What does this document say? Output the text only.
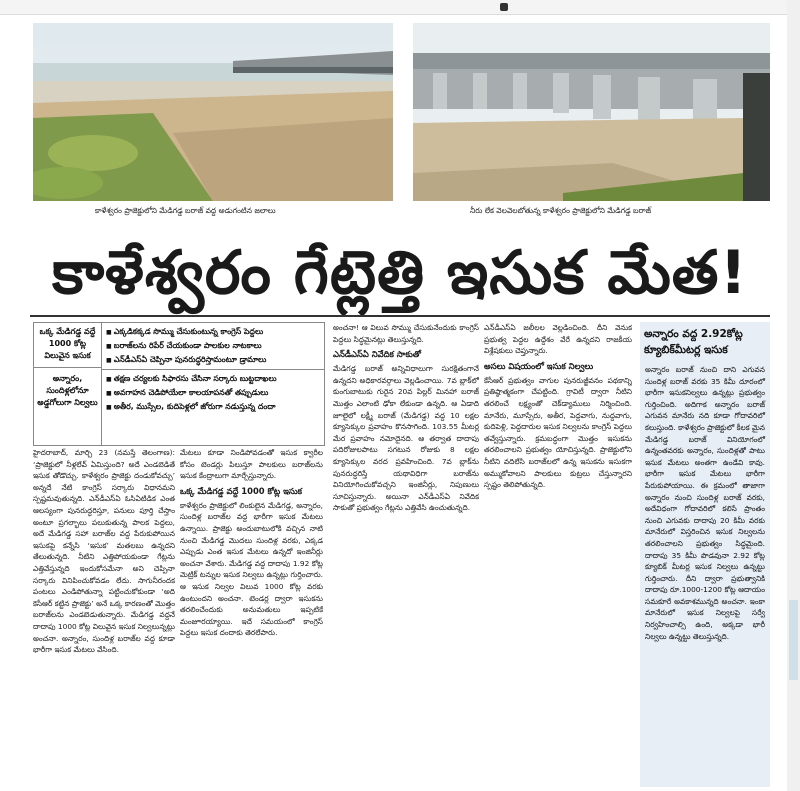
కాళేశ్వరం ప్రాజెక్టులోని మేడిగడ్డ బరాజ్ వద్ద అడుగంటిన జలాలు	నీరు లేక వెలవెలబోతున్న కాళేశ్వరం ప్రాజెక్టులోని మేడిగడ్డ బరాజ్
కాళేశ్వరం గేట్లెత్తి ఇసుక మేత!
ఒక్క మేడిగడ్డ వద్దే 1000 కోట్ల విలువైన ఇసుక
అన్నారం, సుందిళ్లలోనూ అడ్డగోలుగా నిల్వలు
■ ఎక్కడికక్కడ సొమ్ము చేసుకుంటున్న కాంగ్రెస్ పెద్దలు
■ బరాజ్‌లను రిపేర్ చేయకుండా పాలకుల నాటకాలు
■ ఎన్‌డీఎస్‌ఏ చెప్పినా పునరుద్ధరిస్తామంటూ డ్రామాలు
■ తక్షణ చర్యలకు సిఫారసు చేసినా సర్కారు బుట్టదాఖలు
■ అవగాహన చెడిపోయేలా కాలయాపనతో తప్పుడులు
■ అతీర, ముస్సేల, కుదిపెళ్లలో జోరుగా నడుస్తున్న దందా

హైదరాబాద్, మార్చి 23 (నమస్తే తెలంగాణ): ‘ప్రాజెక్టులో నీళ్లలేవ్ ఏమిస్తుంది? అదే ఎండబెడితే ఇసుక తోడొచ్చు. కాళేశ్వరం ప్రాజెక్టు దండుకోవచ్చు’ అన్నదే నేటి కాంగ్రెస్ సర్కారు విధానమని స్పష్టమవుతున్నది. ఎన్‌డీఎస్‌ఏ ఓసిఏటిడిక ఎంత ఆలస్యంగా పునరుద్ధరిస్తూ, పనులు పూర్తి చేస్తాం అంటూ ప్రగల్భాలు పలుకుతున్న పాలక పెద్దలు, అదే మేడిగడ్డ సహా బరాజ్‌ల వద్ద పేరుకుపోయిన ఇసుకపై కన్నేసి ‘ఇసుక’ మతలబు ఉన్నదని తేలుతున్నది. నీటిని ఎత్తిపోయకుండా గేట్లను ఎత్తివేస్తున్నది ఇందుకోసమేనా అని చెప్పినా సర్కారు వినిపించుకోవడం లేదు. సాగునీరందక పంటలు ఎండిపోతున్నా పట్టించుకోకుండా ‘అది కెసీఆర్ కట్టిన ప్రాజెక్టు’ అనే ఒక్క కారణంతో మొత్తం బరాజ్‌లను ఎండబెడుతున్నారు. మేడిగడ్డ వద్దనే దాదాపు 1000 కోట్ల విలువైన ఇసుక నిల్వలున్నట్లు అంచనా. అన్నారం, సుందిళ్ల బరాజ్‌ల వద్ద కూడా భారీగా ఇసుక మేటలు వేసింది.

మేటలు కూడా నిండిపోవడంతో ఇసుక క్వారీల కోసం టెండర్లు పిలుస్తూ పాలకులు బరాజ్‌లను ఇసుక కేంద్రాలుగా మార్చేస్తున్నారు.

ఒక్క మేడిగడ్డ వద్దే 1000 కోట్ల ఇసుక

కాళేశ్వరం ప్రాజెక్టులో లింకులైన మేడిగడ్డ, అన్నారం, సుందిళ్ల బరాజ్‌ల వద్ద భారీగా ఇసుక మేటలు ఉన్నాయి. ప్రాజెక్టు అందుబాటులోకి వచ్చిన నాటి నుంచి మేడిగడ్డ మొదలు సుందిళ్ల వరకు, ఎక్కడ ఎప్పుడు ఎంత ఇసుక మేటలు ఉన్నదో ఇంజినీర్లు అంచనా వేశారు. మేడిగడ్డ వద్ద దాదాపు 1.92 కోట్ల మెట్రిక్ టన్నుల ఇసుక నిల్వలు ఉన్నట్లు గుర్తించారు. ఆ ఇసుక నిల్వల విలువ 1000 కోట్ల వరకు ఉంటుందని అంచనా. టెండర్ల ద్వారా ఇసుకను తరలించేందుకు అనుమతులు ఇప్పటికే మంజూరయ్యాయి. ఇదే సమయంలో కాంగ్రెస్ పెద్దలు ఇసుక దందాకు తెరలేపారు.

అంచనా! ఆ విలువ సొమ్ము చేసుకునేందుకు కాంగ్రెస్ పెద్దలు సిద్ధమైనట్లు తెలుస్తున్నది.

ఎన్‌డీఎస్‌ఏ నివేదిక సాకుతో

మేడిగడ్డ బరాజ్ అన్నివిధాలుగా సురక్షితంగానే ఉన్నదని అధికారవర్గాలు వెల్లడించాయి. 7వ బ్లాక్‌లో కుంగుబాటుకు గురైన 20వ పిల్లర్ మినహా బరాజ్ మొత్తం ఎలాంటి ఢోకా లేకుండా ఉన్నది. ఆ ఏడాది జూలైలో లక్ష్మీ బరాజ్ (మేడిగడ్డ) వద్ద 10 లక్షల క్యూసెక్కుల ప్రవాహం కొనసాగింది. 103.55 మీటర్ల మేర ప్రవాహం నమోదైనది. ఆ తర్వాత దాదాపు పదిరోజులపాటు సగటున రోజుకు 8 లక్షల క్యూసెక్కుల వరద ప్రవహించింది. 7వ బ్లాక్‌ను పునరుద్ధరిస్తే యథావిధిగా బరాజ్‌ను వినియోగించుకోవచ్చని ఇంజినీర్లు, నిపుణులు సూచిస్తున్నారు. అయినా ఎన్‌డీఎస్‌ఏ నివేదిక సాకుతో ప్రభుత్వం గేట్లను ఎత్తివేసి ఉంచుతున్నది.

ఎన్‌డీఎస్‌ఏ జలీలల వెల్లడించింది. దీని వెనుక ప్రభుత్వ పెద్దల ఉద్దేశం వేరే ఉన్నదని రాజకీయ విశ్లేషకులు చెప్తున్నారు.

అసలు విషయంలో ఇసుక నిల్వలు

కేసీఆర్ ప్రభుత్వం వాగుల పునరుజ్జీవనం పథకాన్ని ప్రతిష్ఠాత్మకంగా చేపట్టింది. గ్రావిటీ ద్వారా నీటిని తరలించే లక్ష్యంతో చెక్‌డ్యాములు నిర్మించింది. మానేరు, మూస్సేరు, అతీర, పెద్దవాగు, నుద్దవాగు, కుదిపెళ్లి, పెద్దదారుల ఇసుక నిల్వలను కాంగ్రెస్ పెద్దలు తవ్వేస్తున్నారు. క్రమబద్ధంగా మొత్తం ఇసుకను తరలించాలని ప్రభుత్వం యోచిస్తున్నది. ప్రాజెక్టులోని నీటిని వదిలేసి బరాజ్‌లలో ఉన్న ఇసుకను ఇసుకగా అమ్ముకోవాలని పాలకులు కుట్రలు చేస్తున్నారని స్పష్టం తెలిపోతున్నది.

అన్నారం వద్ద 2.92కోట్ల క్యూబిక్‌మీటర్ల ఇసుక
అన్నారం బరాజ్ నుంచి దాని ఎగువన సుందిళ్ల బరాజ్ వరకు 35 కిమీ దూరంలో భారీగా ఇసుకనిల్వలు ఉన్నట్లు ప్రభుత్వం గుర్తించింది. అదిగాక అన్నారం బరాజ్ ఎగువన మానేరు నది కూడా గోదావరిలో కలుస్తుంది. కాళేశ్వరం ప్రాజెక్టులో కీలక మైన మేడిగడ్డ బరాజ్ వినియోగంలో ఉన్నంతవరకు అన్నారం, సుందిళ్లతో పాటు ఇసుక మేటలు అంతగా ఉండేవి కావు. భారీగా ఇసుక మేటలు భారీగా పేరుకుపోయాయి. ఈ క్రమంలో తాజాగా అన్నారం నుంచి సుందిళ్ల బరాజ్ వరకు, అదేవిధంగా గోదావరిలో కలిసే ప్రాంతం నుంచి ఎగువకు దాదాపు 20 కిమీ వరకు మానేరులో విస్తరించిన ఇసుక నిల్వలను తరలించాలని ప్రభుత్వం సిద్ధమైంది. దాదాపు 35 కిమీ పొడవునా 2.92 కోట్ల క్యూబిక్ మీటర్ల ఇసుక నిల్వలు ఉన్నట్టు గుర్తించారు. దీని ద్వారా ప్రభుత్వానికి దాదాపు రూ.1000-1200 కోట్ల ఆదాయం సమకూరే అవకాశమున్నది అంచనా. ఇంకా మానేరులో ఇసుక నిల్వలపై సర్వే నిర్వహించాల్సి ఉంది, అక్కడా భారీ నిల్వలు ఉన్నట్టు తెలుస్తున్నది.
